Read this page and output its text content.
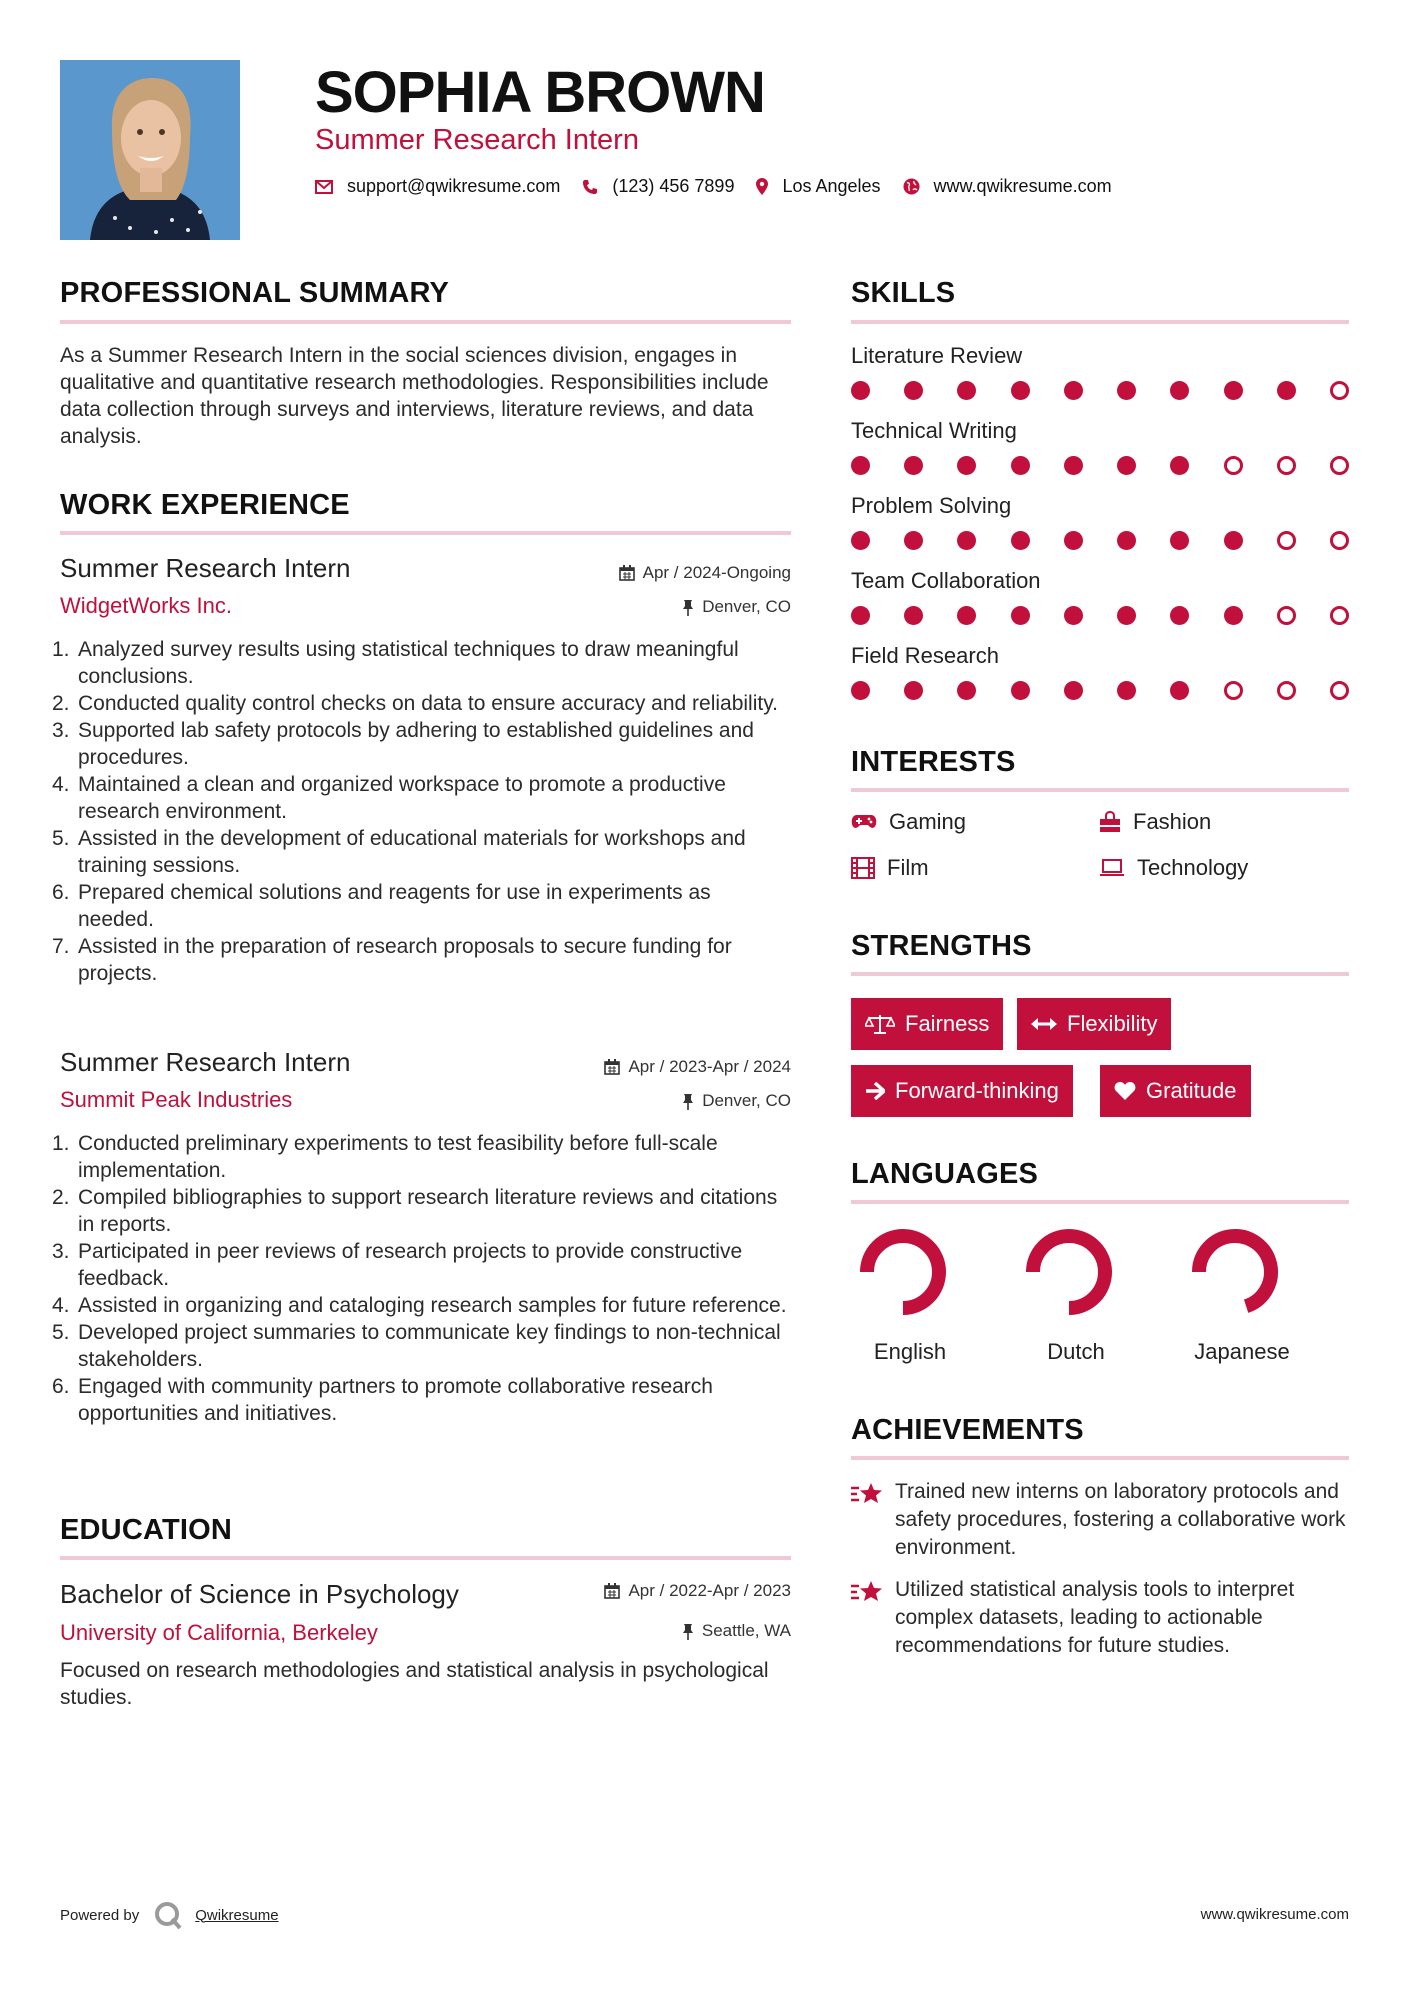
SOPHIA BROWN
Summer Research Intern
support@qwikresume.com	(123) 456 7899	Los Angeles	www.qwikresume.com
PROFESSIONAL SUMMARY
As a Summer Research Intern in the social sciences division, engages in qualitative and quantitative research methodologies. Responsibilities include data collection through surveys and interviews, literature reviews, and data analysis.
WORK EXPERIENCE
Summer Research Intern
WidgetWorks Inc.
Apr / 2024-Ongoing
Denver, CO
1. Analyzed survey results using statistical techniques to draw meaningful conclusions.
2. Conducted quality control checks on data to ensure accuracy and reliability.
3. Supported lab safety protocols by adhering to established guidelines and procedures.
4. Maintained a clean and organized workspace to promote a productive research environment.
5. Assisted in the development of educational materials for workshops and training sessions.
6. Prepared chemical solutions and reagents for use in experiments as needed.
7. Assisted in the preparation of research proposals to secure funding for projects.
Summer Research Intern
Summit Peak Industries
Apr / 2023-Apr / 2024
Denver, CO
1. Conducted preliminary experiments to test feasibility before full-scale implementation.
2. Compiled bibliographies to support research literature reviews and citations in reports.
3. Participated in peer reviews of research projects to provide constructive feedback.
4. Assisted in organizing and cataloging research samples for future reference.
5. Developed project summaries to communicate key findings to non-technical stakeholders.
6. Engaged with community partners to promote collaborative research opportunities and initiatives.
EDUCATION
Bachelor of Science in Psychology
University of California, Berkeley
Apr / 2022-Apr / 2023
Seattle, WA
Focused on research methodologies and statistical analysis in psychological studies.
SKILLS
Literature Review
Technical Writing
Problem Solving
Team Collaboration
Field Research
INTERESTS
Gaming	Fashion
Film	Technology
STRENGTHS
Fairness	Flexibility
Forward-thinking	Gratitude
LANGUAGES
English	Dutch	Japanese
ACHIEVEMENTS
Trained new interns on laboratory protocols and safety procedures, fostering a collaborative work environment.
Utilized statistical analysis tools to interpret complex datasets, leading to actionable recommendations for future studies.
Powered by	Qwikresume	www.qwikresume.com
